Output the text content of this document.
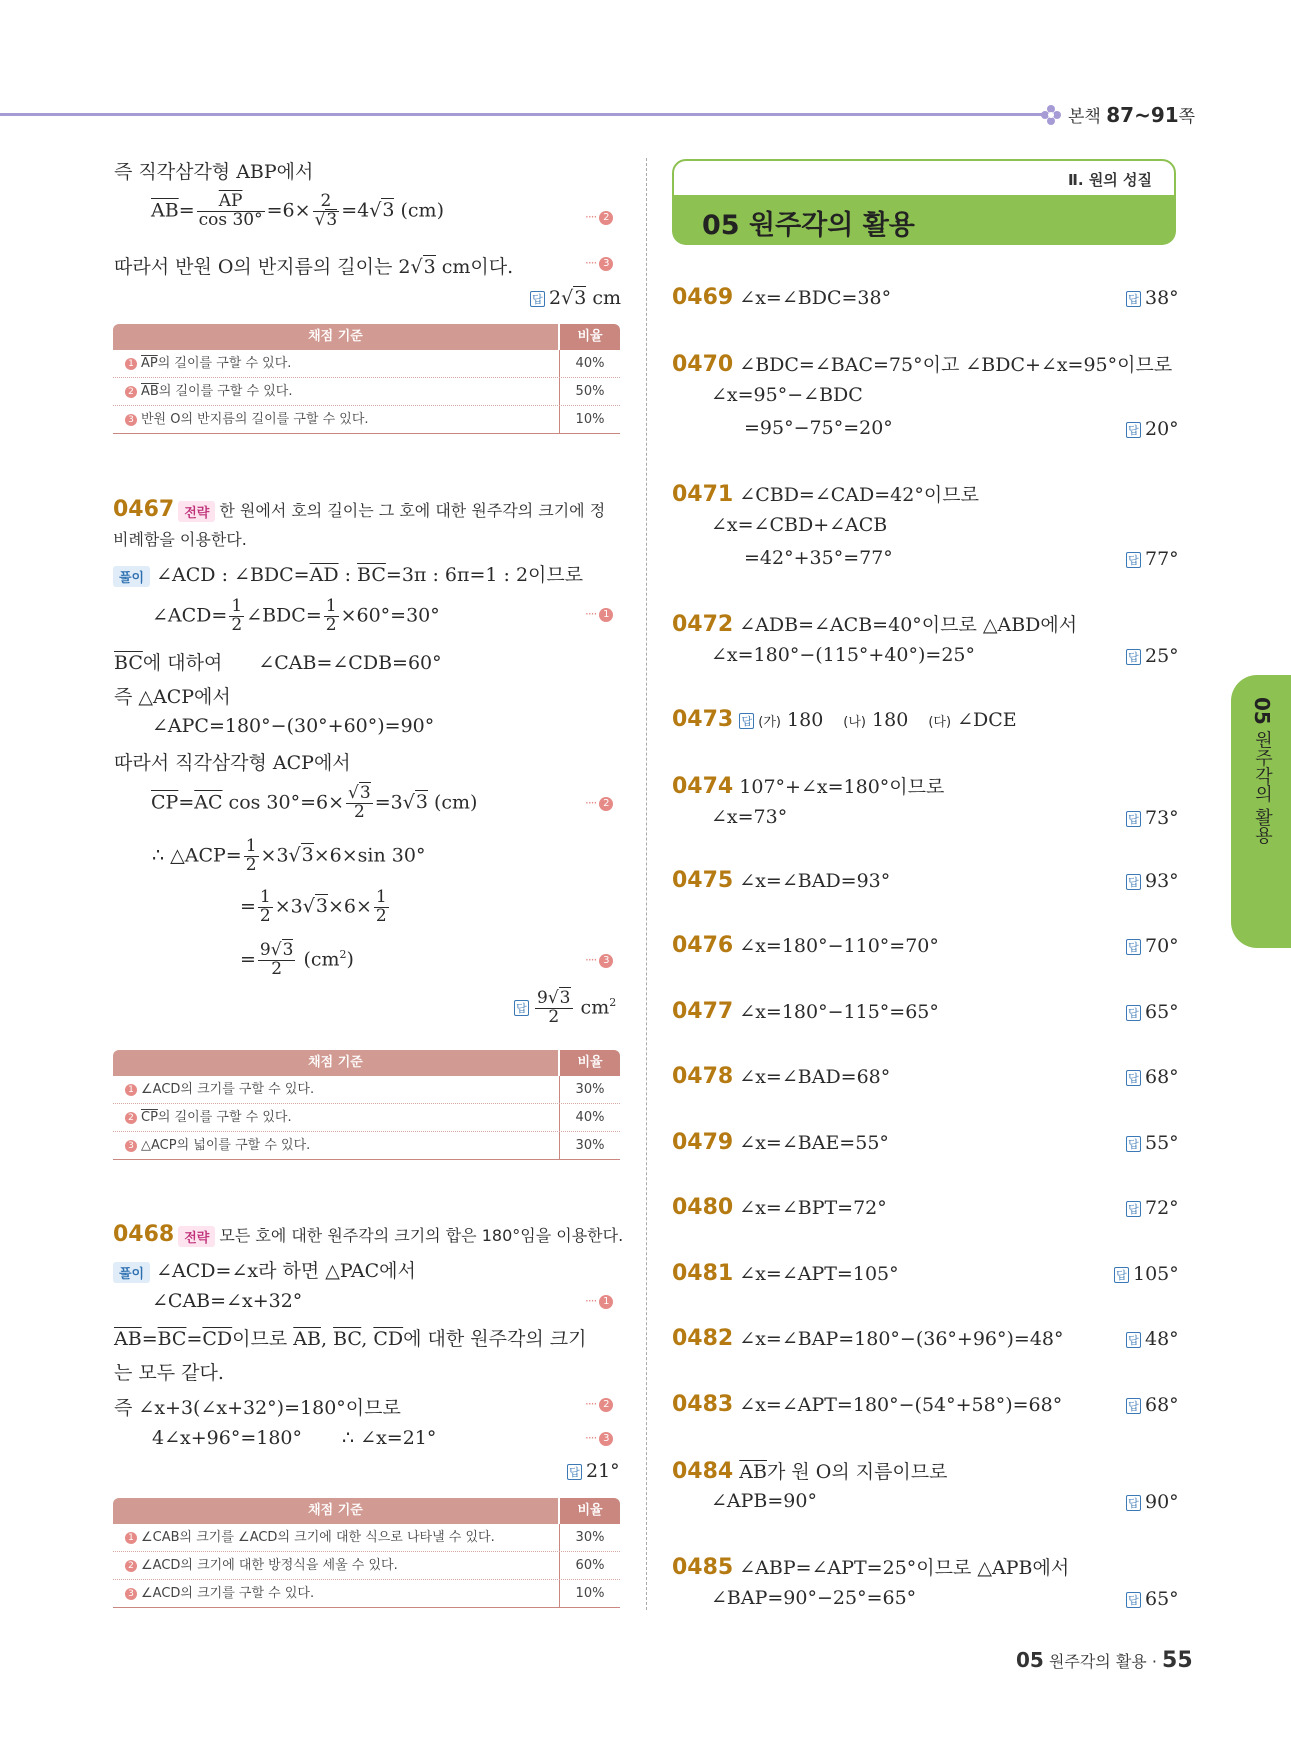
본책 87~91쪽
즉 직각삼각형 ABP에서
$\overline{AB}= \frac{\overline{AP}}{\cos 30^\circ} =6\times \frac{2}{√3} =4√3$ (cm)	···· 2
따라서 반원 O의 반지름의 길이는 2√3 cm이다.	···· 3
답 2√3 cm
채점 기준	비율
1 $\overline{AP}$의 길이를 구할 수 있다.	40%
2 $\overline{AB}$의 길이를 구할 수 있다.	50%
3 반원 O의 반지름의 길이를 구할 수 있다.	10%
0467 전략 한 원에서 호의 길이는 그 호에 대한 원주각의 크기에 정
비례함을 이용한다.
풀이 ∠ACD : $\angle BDC=\overline{AD}$ : $\overline{BC}=3\pi$ : 6π=1 : 2이므로
∠ACD= $\frac{1}{2}$ ∠BDC= $\frac{1}{2} \times 60^\circ=30^\circ$	···· 1
$\overline{BC}$에 대하여 ∠CAB=∠CDB=60°
즉 △ACP에서
∠APC=180°−(30°+60°)=90°
따라서 직각삼각형 ACP에서
$\overline{CP}=\overline{AC}$ $\cos 30^\circ=6\times \frac{√3}{2} =3√3$ (cm)	···· 2
∴ △ACP= $\frac{1}{2} \times 3√3\times 6\times\sin$ 30°
= $\frac{1}{2} \times 3√3\times 6\times \frac{1}{2}$
= $\frac{9√3}{2} (cm^2)$	···· 3
답 $\frac{9√3}{2} cm^2$
채점 기준	비율
1 ∠ACD의 크기를 구할 수 있다.	30%
2 $\overline{CP}$의 길이를 구할 수 있다.	40%
3 △ACP의 넓이를 구할 수 있다.	30%
0468 전략 모든 호에 대한 원주각의 크기의 합은 180°임을 이용한다.
풀이 ∠ACD=∠x라 하면 △PAC에서
∠CAB=∠x+32°	···· 1
$\overline{AB}=\overline{BC}=\overline{CD}$이므로 $\overline{AB}$, $\overline{BC}$, $\overline{CD}$에 대한 원주각의 크기
는 모두 같다.
즉 ∠x+3(∠x+32°)=180°이므로	···· 2
4∠x+96°=180° ∴ ∠x=21°	···· 3
답 21°
채점 기준	비율
1 ∠CAB의 크기를 ∠ACD의 크기에 대한 식으로 나타낼 수 있다.	30%
2 ∠ACD의 크기에 대한 방정식을 세울 수 있다.	60%
3 ∠ACD의 크기를 구할 수 있다.	10%
Ⅱ. 원의 성질
05 원주각의 활용
0469 ∠x=∠BDC=38°	답 38°
0470 ∠BDC=∠BAC=75°이고 ∠BDC+∠x=95°이므로
∠x=95°−∠BDC
=95°−75°=20°	답 20°
0471 ∠CBD=∠CAD=42°이므로
∠x=∠CBD+∠ACB
=42°+35°=77°	답 77°
0472 ∠ADB=∠ACB=40°이므로 △ABD에서
∠x=180°−(115°+40°)=25°	답 25°
0473 답 (가) 180 (나) 180 (다) ∠DCE
0474 107°+∠x=180°이므로
∠x=73°	답 73°
0475 ∠x=∠BAD=93°	답 93°
0476 ∠x=180°−110°=70°	답 70°
0477 ∠x=180°−115°=65°	답 65°
0478 ∠x=∠BAD=68°	답 68°
0479 ∠x=∠BAE=55°	답 55°
0480 ∠x=∠BPT=72°	답 72°
0481 ∠x=∠APT=105°	답 105°
0482 ∠x=∠BAP=180°−(36°+96°)=48°	답 48°
0483 ∠x=∠APT=180°−(54°+58°)=68°	답 68°
0484 $\overline{AB}$가 원 O의 지름이므로
∠APB=90°	답 90°
0485 ∠ABP=∠APT=25°이므로 △APB에서
∠BAP=90°−25°=65°	답 65°
05 원주각의 활용
05 원주각의 활용 · 55
